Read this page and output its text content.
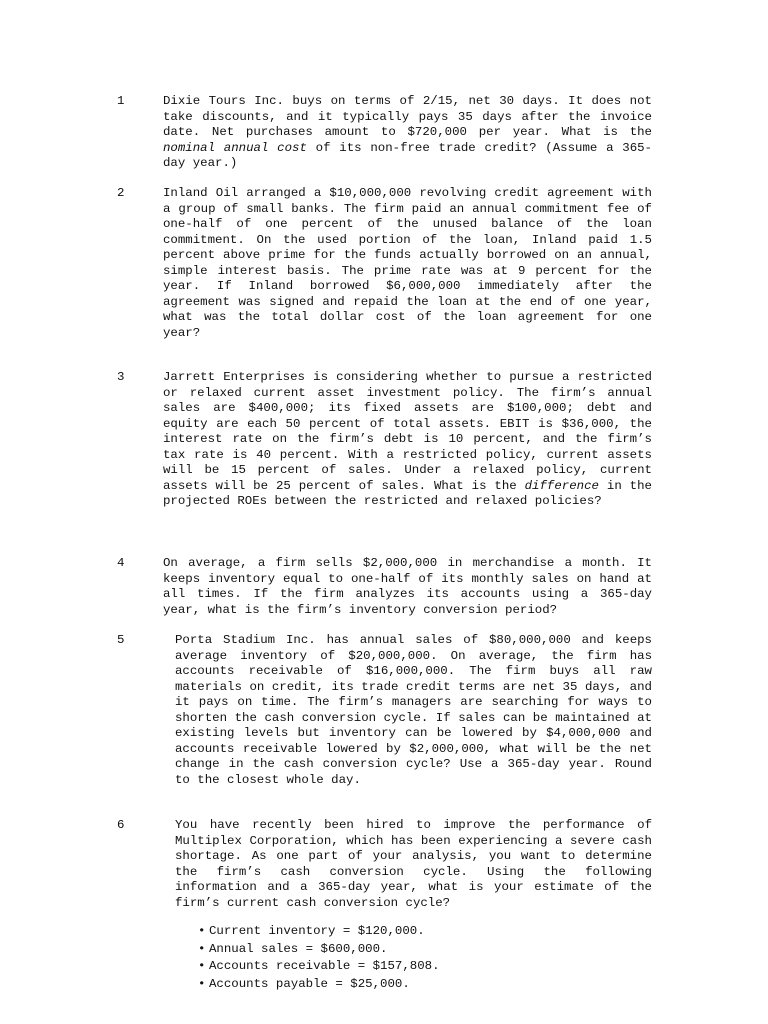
1	Dixie Tours Inc. buys on terms of 2/15, net 30 days. It does not take discounts, and it typically pays 35 days after the invoice date. Net purchases amount to $720,000 per year. What is the nominal annual cost of its non-free trade credit? (Assume a 365-day year.)
2	Inland Oil arranged a $10,000,000 revolving credit agreement with a group of small banks. The firm paid an annual commitment fee of one-half of one percent of the unused balance of the loan commitment. On the used portion of the loan, Inland paid 1.5 percent above prime for the funds actually borrowed on an annual, simple interest basis. The prime rate was at 9 percent for the year. If Inland borrowed $6,000,000 immediately after the agreement was signed and repaid the loan at the end of one year, what was the total dollar cost of the loan agreement for one year?
3	Jarrett Enterprises is considering whether to pursue a restricted or relaxed current asset investment policy. The firm’s annual sales are $400,000; its fixed assets are $100,000; debt and equity are each 50 percent of total assets. EBIT is $36,000, the interest rate on the firm’s debt is 10 percent, and the firm’s tax rate is 40 percent. With a restricted policy, current assets will be 15 percent of sales. Under a relaxed policy, current assets will be 25 percent of sales. What is the difference in the projected ROEs between the restricted and relaxed policies?
4	On average, a firm sells $2,000,000 in merchandise a month. It keeps inventory equal to one-half of its monthly sales on hand at all times. If the firm analyzes its accounts using a 365-day year, what is the firm’s inventory conversion period?
5	Porta Stadium Inc. has annual sales of $80,000,000 and keeps average inventory of $20,000,000. On average, the firm has accounts receivable of $16,000,000. The firm buys all raw materials on credit, its trade credit terms are net 35 days, and it pays on time. The firm’s managers are searching for ways to shorten the cash conversion cycle. If sales can be maintained at existing levels but inventory can be lowered by $4,000,000 and accounts receivable lowered by $2,000,000, what will be the net change in the cash conversion cycle? Use a 365-day year. Round to the closest whole day.
6	You have recently been hired to improve the performance of Multiplex Corporation, which has been experiencing a severe cash shortage. As one part of your analysis, you want to determine the firm’s cash conversion cycle. Using the following information and a 365-day year, what is your estimate of the firm’s current cash conversion cycle?
• Current inventory = $120,000.
• Annual sales = $600,000.
• Accounts receivable = $157,808.
• Accounts payable = $25,000.
